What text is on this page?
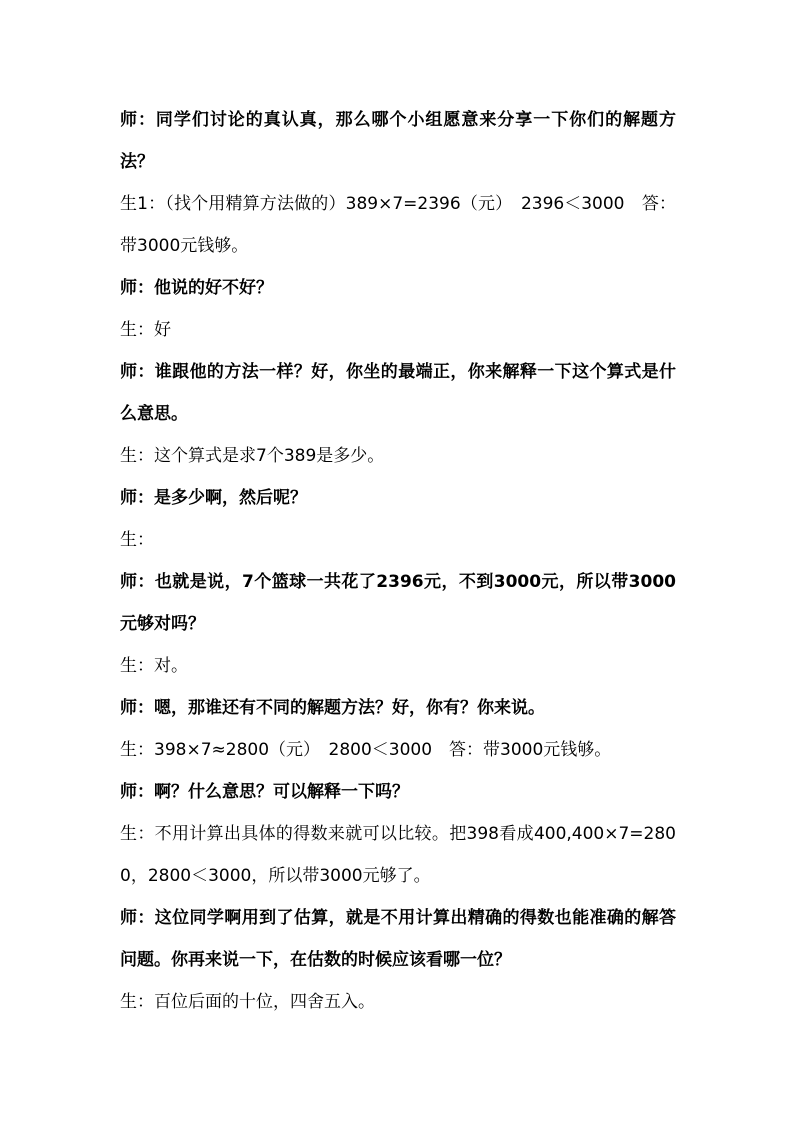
师：同学们讨论的真认真，那么哪个小组愿意来分享一下你们的解题方法？

生1：（找个用精算方法做的）389×7=2396（元）　2396＜3000　答：带3000元钱够。

师：他说的好不好？

生：好

师：谁跟他的方法一样？好，你坐的最端正，你来解释一下这个算式是什么意思。

生：这个算式是求7个389是多少。

师：是多少啊，然后呢？

生：

师：也就是说，7个篮球一共花了2396元，不到3000元，所以带3000元够对吗？

生：对。

师：嗯，那谁还有不同的解题方法？好，你有？你来说。

生：398×7≈2800（元）　2800＜3000　答：带3000元钱够。

师：啊？什么意思？可以解释一下吗？

生：不用计算出具体的得数来就可以比较。把398看成400,400×7=2800，2800＜3000，所以带3000元够了。

师：这位同学啊用到了估算，就是不用计算出精确的得数也能准确的解答问题。你再来说一下，在估数的时候应该看哪一位？

生：百位后面的十位，四舍五入。
